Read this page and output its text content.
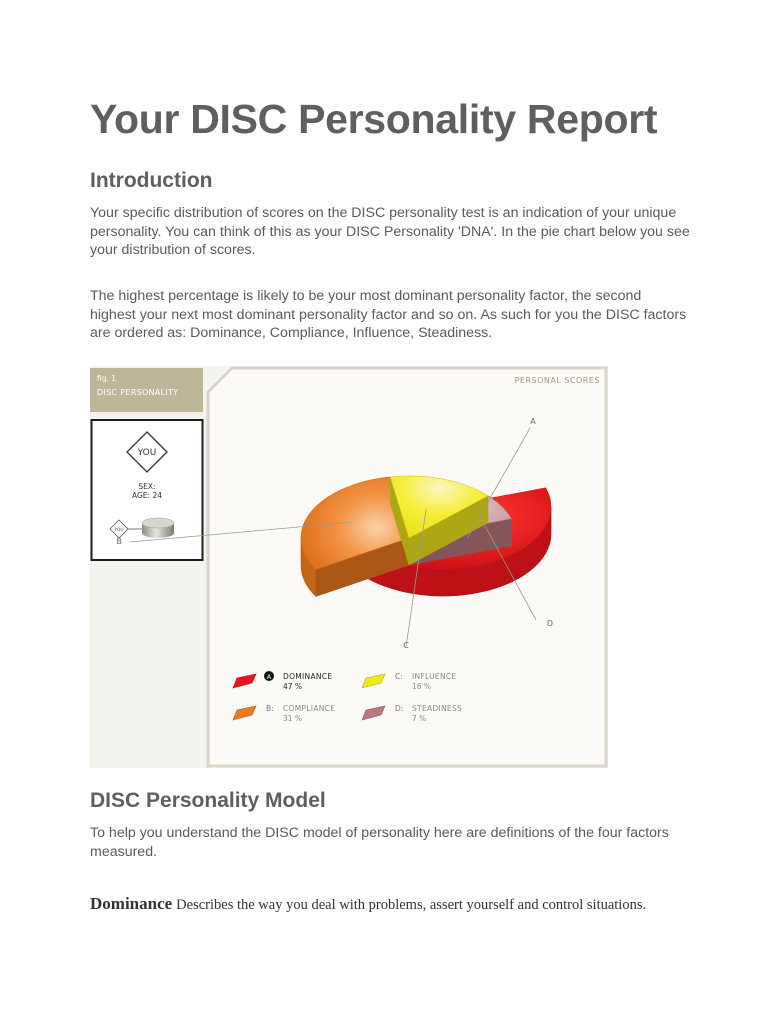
Your DISC Personality Report
Introduction

Your specific distribution of scores on the DISC personality test is an indication of your unique personality. You can think of this as your DISC Personality 'DNA'. In the pie chart below you see your distribution of scores.

The highest percentage is likely to be your most dominant personality factor, the second highest your next most dominant personality factor and so on. As such for you the DISC factors are ordered as: Dominance, Compliance, Influence, Steadiness.

fig. 1
DISC PERSONALITY
YOU
SEX:
AGE: 24
YOU
PERSONAL SCORES
A
B
C
D
A DOMINANCE
47 %
B: COMPLIANCE
31 %
C: INFLUENCE
16 %
D: STEADINESS
7 %
DISC Personality Model

To help you understand the DISC model of personality here are definitions of the four factors measured.

Dominance Describes the way you deal with problems, assert yourself and control situations.
